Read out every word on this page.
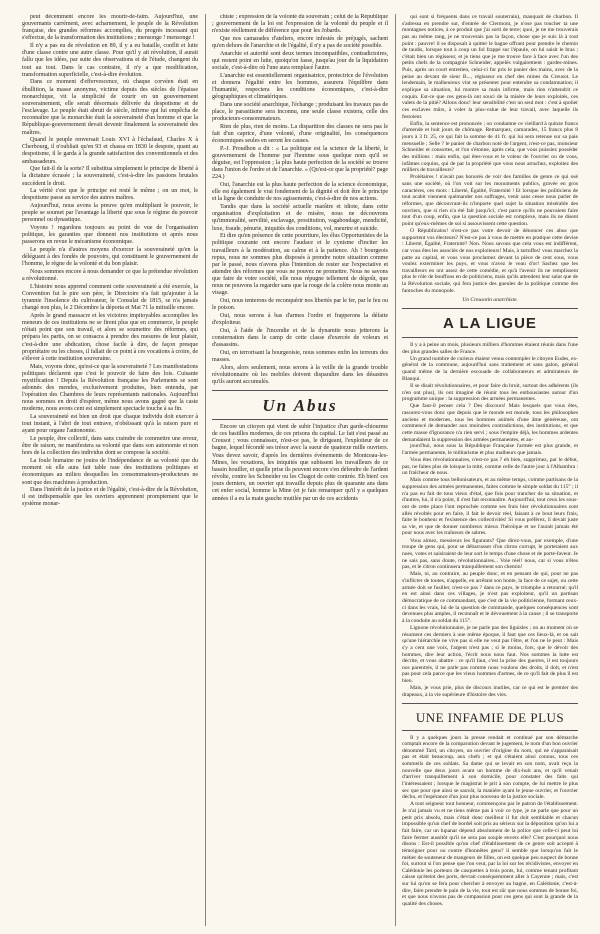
peut décemment encore les mourir-de-faim. Aujourd'hui, une gouvernants carrément, avec acharnement, le peuple de la Révolution française, des grandes réformes accomplies, du progrès incessant qui s'effectue, de la transformation des institutions ; mensonge ! mensonge !

Il n'y a pas eu de révolution en 89, il y a eu bataille, conflit et lutte d'une classe contre une autre classe. Pour qu'il y ait révolution, il aurait fallu que les idées, par suite des observations et de l'étude, changent du tout au tout. Dans le cas contraire, il n'y a que modification, transformation superficielle, c'est-à-dire évolution.

Dans ce moment d'effervescence, où chaque corvéen était en ébullition, la masse anonyme, victime depuis des siècles de l'épaisse monarchique, vit la simplicité de courir en un gouvernement souverainement, elle serait désormais délivrée du despotisme et de l'esclavage. Le peuple était abruti de siècle, infirme qui lui empêcha de reconnaître que la monarchie était la souveraineté d'un homme et que la République-gouvernement devait devenir finalement la souveraineté des maîtres.

Quand le peuple renversait Louis XVI à l'échafaud, Charles X à Cherbourg, il n'oubliait qu'en 93 et chassa en 1830 le despote, quant au despotisme, il le garda à la grande satisfaction des conventionnels et des ambassadeurs.

Que fait-il de la sorte? Il substitua simplement le principe de liberté à la dictature écrasée ; la souveraineté, c'est-à-dire les passions brutales succèdent le droit.

La vérité c'est que le principe est resté le même ; on un mot, le despotisme passe au service des autres maîtres.

Aujourd'hui, nous avons la preuve qu'en multipliant le pouvoir, le peuple se soumet par l'avantage la liberté que sous le régime du pouvoir personnel ou dynastique.

Voyons ! regardons toujours au point de vue de l'organisation politique, les garanties que donnent nos institutions et après nous passerons en revue le mécanisme économique.

Le peuple n'a d'autres moyens d'exercer la souveraineté qu'en la déléguant à des fondés de pouvoirs, qui constituent le gouvernement de l'homme, le règne de la volonté et du bon plaisir.

Nous sommes encore à nous demander ce que la prétendue révolution a révolutionné.

L'histoire nous apprend comment cette souveraineté a été exercée, la Convention fut le pire son père, le Directoire n'a fait qu'ajouter à la tyrannie l'insolence du cultivateur, le Consulat de 1815, se n'a jamais changé non plus, le 2 Décembre la déporta et Mai 71 la mitraille encore.

Après le grand massacre et les victoires impitoyables accomplies les meneurs de ces institutions ne se firent plus que en commerce, le peuple n'était point que son travail, et alors se soumettre des réformes, qui prépara les partis, on se consacra à prendre des mesures de leur plaisir, c'est-à-dire une abdication, chose facile à dire, de façon presque propriétaire ou les choses, il fallait de ce point à ces vocations à croire, de s'élever à cette institution souveraine.

Mais, voyons donc, qu'est-ce que la souveraineté ? Les manifestations politiques déclarent que c'est le pouvoir de faire des lois. Cuisante mystification ! Depuis la Révolution française les Parlements se sont adonnés des mendes, exclusivement produites, bien entendu, par l'opération des Chambres de leurs représentants nationales. Aujourd'hui nous sommes en droit d'espérer, même nous avons gagné que la caste moderne, nous avons cent est simplement spectacle touche à sa fin.

La souveraineté est bien un droit que chaque individu doit exercer à tout instant, à l'abri de tout entrave, n'obéissant qu'à la raison pure et ayant pour organe l'autonomie.

Le peuple, être collectif, dans sans craindre de commettre une erreur, être de raison, ne manifestera sa volonté que dans son autonomie et non hors de la collection des individus dont se compose la société.

La foule humaine ne jouira de l'indépendance de sa volonté que du moment où elle aura fait table rase des institutions politiques et économiques au milieu desquelles les consommateurs-producteurs ne sont que des machines à production.

Dans l'intérêt de la justice et de l'égalité, c'est-à-dire de la Révolution, il est indispensable que les ouvriers apprennent promptement que le système monar-

chiste ; expression de la volonté du souverain ; celui de la République ; gouvernement de la loi est l'expression de la volonté du peuple et il n'existe réellement de différence que pour les Jobards.

Que nos camarades d'ateliers, encore infestés de préjugés, sachent qu'en dehors de l'anarchie et de l'égalité, il n'y a pas de société possible.

Anarchie et autorité sont deux termes incompatibles, contradictoires, qui restent point en lutte, quoiqu'on fasse, jusqu'au jour de la liquidation sociale, c'est-à-dire où l'une aura remplacé l'autre.

L'anarchie est essentiellement organisatrice, protectrice de l'évolution et donnera l'égalité entre les hommes, assurera l'équilibre dans l'humanité, respectera les conditions économiques, c'est-à-dire géographiques et climatériques.

Dans une société anarchique, l'échange ; produisant les travaux pas de place, le parasitisme sera inconnu, une seule classe existera, celle des producteurs-consommateurs.

Rien de plus, rien de moins. La disparition des classes ne sera pas le fait d'un caprice, d'une volonté, d'une originalité, les conséquences économiques seules en seront les causes.

P.-J. Proudhon a dit : « La politique est la science de la liberté, le gouvernement de l'homme par l'homme sous quelque nom qu'il se déguise, est l'oppression ; la plus haute perfection de la société se trouve dans l'union de l'ordre et de l'anarchie. » (Qu'est-ce que la propriété? page 224.)

Oui, l'anarchie est la plus haute perfection de la science économique, elle est également le vrai fondement de la dignité et doit être le principe et la ligne de conduite de nos agissements, c'est-à-dire de nos actions.

Tandis que dans la société actuelle marâtre et idiote, dans cette organisation d'exploitation et de misère, nous ne découvrons qu'immoralité, servilité, esclavage, prostitution, vagabondage, mendicité, luxe, fraude, pénurie, iniquités des conditions, vol, meurtre et suicide.

Et dire qu'en présence de cette pourriture, les élus Opportunistes de la politique courante ont encore l'audace et le cynisme d'inciter les travailleurs à la modération, au calme et à la patience. Ah ! bourgeois repus, nous ne sommes plus disposés à prendre notre situation comme par le passé, nous n'avons plus l'intention de rester sur l'expectative et attendre des réformes que vous ne pouvez ne promettre. Nous ne savons que faire de votre société, elle nous répugne tellement de dégoût, que nous ne pouvons la regarder sans que la rouge de la colère nous monte au visage.

Oui, nous tenterons de reconquérir nos libertés par le fer, par le feu ou le poison.

Oui, nous serons à bas d'armes l'ordre et frapperons la défaite d'exploiteur.

Oui, à l'aide de l'incendie et de la dynamite nous jetterons la consternation dans le camp de cette classe d'exercée de voleurs et d'assassins.

Oui, en terrorisant la bourgeoisie, nous sommes enfin les terreurs des masses.

Alors, alors seulement, nous serons à la veille de la grande trouble révolutionnaire où les mobiles doivent disparaître dans les désastres qu'ils auront accumulés.

Un Abus

Encore un citoyen qui vient de subir l'injustice d'un garde-chiourme de ces bastilles modernes, de ces prisons du capital. Le fait s'est passé au Creusot ; vous connaissez, n'est-ce pas, le dirigeant, l'exploiteur de ce bagne, lequel fécondé ses trésor avec la sueur de quatorze mille ouvriers. Vous devez savoir, d'après les dernières événements de Montceau-les-Mines, les vexations, les iniquités que subissent les travailleurs de ce bassin houiller, et quelle prise ils peuvent encore s'en défendre de l'ardent révolte, contre les Schneider ou les Chagot de cette contrée. Eh bien! ces jours derniers, un ouvrier qui travaille depuis plus de quarante ans dans cet enfer social, homme la Mine (et je fais remarquer qu'il y a quelques années il a eu la main gauche mutilée par un de ces accidents

qui sont si fréquents dans ce travail souterrain), manquait de charbon. Il s'adressa en prendre sur, d'entrée de Clermont, je n'ose pas toucher ta une montagnes notices, à ce produit que j'ai sorti de terre; quoi, je ne me trouverais pas au même rang, je ne trouverais pas la façon, chose que je suis là à tout point : pauvre! il se disposait à quitter le bagne offrant pour prendre le chemin de taudis, lorsque tout à coup un fol frappé sur l'épaule, on lui saisit le bras ; c'était bien un régisseur, et je tiens que je me trouve face à face avec l'un des petits chefs de la compagnie Schneider, appelés vulgairement : gardes-mines. Puis, après un court entretien, celui-ci fut pris le panier des mains, avec de la peine au devant de sieur B..., régisseur en chef des mines du Creusot. Le lendemain, le malheureux vint se présenter pour entendre sa condamnation; il explique sa situation, lui montre sa main infirme, mais rien n'attendrit ce coquin. Est-ce que ces gens-là ont souci de la misère de leurs exploités, ces valets de la pitié? Allons donc! leur sensibilité c'est un seul mot : c'est à spolier ces esclaves mûrs, à voler la plus-value de leur travail, avec laquelle ils festoient.

Enfin, la sentence est prononcée ; on condamne ce vieillard à quinze francs d'amende et huit jours de chômage. Remarquez, camarades, 15 francs plus 8 jours à 3 fr. 25, ce qui fait la somme de 41 fr. qui lui sera retenue sur sa paie mensuelle ; Selle ? le panier de charbon noté de l'argent, n'est-ce pas, monsieur Schneider et consortes, et l'on s'étonne, après cela, que vous puissiez posséder des millions : mais enfin, qui êtes-vous et le voleur de l'ouvrier ou de vous, infâmes coquins, qui de par la propriété que vous nous arrachez, exploitez des milliers de travailleurs?

Prolétaires ! n'avait pas honorés de voir des familles de genre ce qui osé sans une société, où l'on voit sur les monuments publics, gravée en gros caractères, ces mots : Liberté, Égalité, Fraternité ! Et lorsque les politiciens de tout acabit viennent quémander nos suffrages, venir sans cesse nous parler de réformes, que découvrant-ils n'importe quel sujet la situation misérable des ouvriers, que si rien n'a été fait jusqu'ici, c'est parce qu'ils ne pouvaient faire tout d'un coup, enfin, que la question sociale est complexe, mais ils ne disent point qu'eux-mêmes de soi si assouvissent cette question.

O Républicains! n'est-ce pas votre devoir de dénoncer ces abus que supportent vos électeurs? N'est-ce pas à vous de mettre en pratique cette devise : Liberté, Égalité, Fraternité? Non. Nous savons que cela vous est indifférent, car vous êtes les associés de nos exploiteurs! Mais, à tartuffes! vous marchez la patte au capital, et vous vous proclamez devant la pièce de cent sous, vous voulez exterminer les puys, et vous n'avez le veau d'or! Sachez que les travailleurs en ont assez de cette comédie, et qu'à l'avenir ils ne remplissent plus le rôle de bouffons en de politiciens, mais qu'ils attendent leur salut que de la Révolution sociale, qui fera justice des gueules de la politique comme des fantoches du monopole.

Un Creusotin anarchiste.

A LA LIGUE

Il y a à peine un mois, plusieurs milliers d'hommes étaient réunis dans l'une des plus grandes salles de France.

Un grand nombre de curieux étaient venus contempler le citoyen Eudes, ex-général de la commune, aujourd'hui sans traitement et sans galon, général quand même de la dernière escouade de collaborateurs et admirateurs de Blanqui.

Il se disait révolutionnaires, et pour faire du bruit, surtout des adhérents (ils n'en ont plus), ils ont imaginé de réunir tous les enthousiastes autour d'un programme unique : la suppression des armées permanentes.

Que faut-il penser cela ? Des discours! Mais lesquels que vous êtes, rassurez-vous donc que depuis que le monde est monde, tous les philosophes anciens et modernes, tous les hommes animés d'une âme généreuse, ont commencé de demander aux moindres contradictions, des institutions, et que cette masse d'ignorance n'a rien servi ; sous l'empire déjà, les hommes ardentes demandaient la suppression des armées permanentes, et au-

jourd'hui, nous sous la République Française l'armée est plus grande, et l'armée permanente, le militarisme et plus malheurs que jamais.

Vous êtes révolutionnaires, n'est-ce pas ? eh bien, supprimez, par le début, pas, ne faites plus de loisque la mité, comme celle de l'autre jour à l'Alhambra : un fraîcheur de nous.

Mais comme tous bellonisateurs, et au même temps, comme partisans de la suppression des armées permanentes, faites comme le simple soldat du 115° ; il n'a pas eu fait de tous vieux d'étal, que fois pour trancher de sa situation, et d'autres, lui, il n'a point, il s'est fait reconnaître. Aujourd'hui, tout ceux les sous-ont de cette place l'ont reprochée comme ses frais hier révolutionnaires sont allés révoltés pour en faire, il fait le devoir réel, faisant à ce bout leurs frais, faite le bonheur et l'existence des collectivités! Si vous préfèrez, il devait juste sa vie, et que de donner nombreux mieux l'héroïque et ne l'aurait jamais été pour nous avec les traîneurs de sabres.

Vous aimez, messieurs les figurants? Que direz-vous, par exemple, d'une troupe de gens qui, pour se débarrasser d'un citron corrupt, le porteraient aux nues, votes et saisiraient de leur sort le temps d'une chose et de porte-faveur. Je ne sais pas, sans doute, révolutionnaires... Voie réel! nous, car si vous n'êtes pas, et le citron continuera tranquillement son chemin!

Mais, ni, au contraire, au peuple donc, et en pensant de qui, pour ne pas s'inflicter de toutes, n'appelle, en arrêtant son honte, la face de ce sujet, ou cette armée doit se fusiller, n'est-ce pas ? dans ce pays, le triomphe a retourné; qu'il en est ainsi dans ces villages, je n'est pas exploiteur, qu'il un partisan démocratique de ce commandant, que c'est de la vie politicienne, formant ceux-ci dans les vrais, lui de la question de commande, quelques conséquences sont devenues plus amples, il reconnaît et le dévouement à la cause ; il se transporte à la conduite au soldat du 115°.

Lignone révolutionnaire, je ne parle pas des liguisles ; on au moment où se résument ces derniers à une même époque, il faut que ces lieux-là, et on sait qu'une hiérarchie ne vive pas si elle ne veut pas l'être, et l'on ne le peut : Mais s'y a cent une voix, l'argent n'est pas ; si le moins, fors, que le dévoir des hommes, dire leur action, l'écrit nous nous faut. Nos sommes la lutte est décrite, et vous abattre : ce qu'il faut, c'est la prise des guerres, il est toujours nos parentrés, il ne parle pas comme nous voulons des droits, il doit, et n'est pas pour cela parce que les vieux hommes d'armes, de ce qu'il fait de plus il est bien.

Mais, je vous prie, plus de discours inutiles, car ce qui est le premier des drapeaux, à la vie supérieure d'histoire des vies.

UNE INFAMIE DE PLUS

Il y a quelques jours la presse rendait et continué par son démarche comptait encore de la comparution devant le jugement, le nom d'un bon ouvrier dénommé Tard, un citoyen, un ouvrier d'origine du nom, qui ne s'apparaisait pas et était beaucoup, aux chefs ; et qui s'étaient ainsi connus, tous ces sommeils de ces soldats. Sa dame qui se levait en son nom, avait reçu la nouvelle que deux jours avant un homme de dix-huit ans, et qu'il venait d'arriver tranquillement à son domicile, pour constater des faits qui l'intéressaient ; lorsque le magistrat le prit à son compte, de lui mettre le plus sec que pour que ainsi se sauvât, la manière ayant le jeune ouvrier, et l'ouvrier déchu, et l'espérance d'un jour plus nouveau de la justice sociale.

A tout seigneur tout honneur, commençons par le patron de l'établissement. Je n'ai jamais vu et ne tiens même pas à voir ce type, je ne parle que pour un petit prix absolu, mais c'était donc meilleur il fut doit semblable et chacun impossible qu'un chef de bordel soit pris au sérieux sur la déposition qu'on lui a fait faire, car un lupanar dépend absolument de la police que celle-ci peut lui faire fermer aussitôt qu'il ne sera pas souple envers elle? C'est pourquoi nous disons : Est-il possible qu'un chef d'établissement de ce genre soit accepté à témoigner pour ou contre d'honnêtes gens? il semble que lorsqu'on fait le métier de souteneur de mangeurs de filles, on est quelque peu suspect de bonne foi, surtout si l'on pense que l'on veut, par la loi sur les récidivistes, envoyer en Calédonie les porteurs de casquettes à trois ponts, lui, comme tenant profitant caisse qu'éteint des ports, devrait conséquemment aller à Cayenne ; mais, c'est sur lui qu'on se fera pour chercher à envoyer au bagne, en Calédonie, c'est-à-dire, faire prendre le pain de la vie, tout est sûr que nous sommes de bonne foi, et que nous n'avons pas de compassion pour ces gens qui sont la grande de la qualité des choses.
